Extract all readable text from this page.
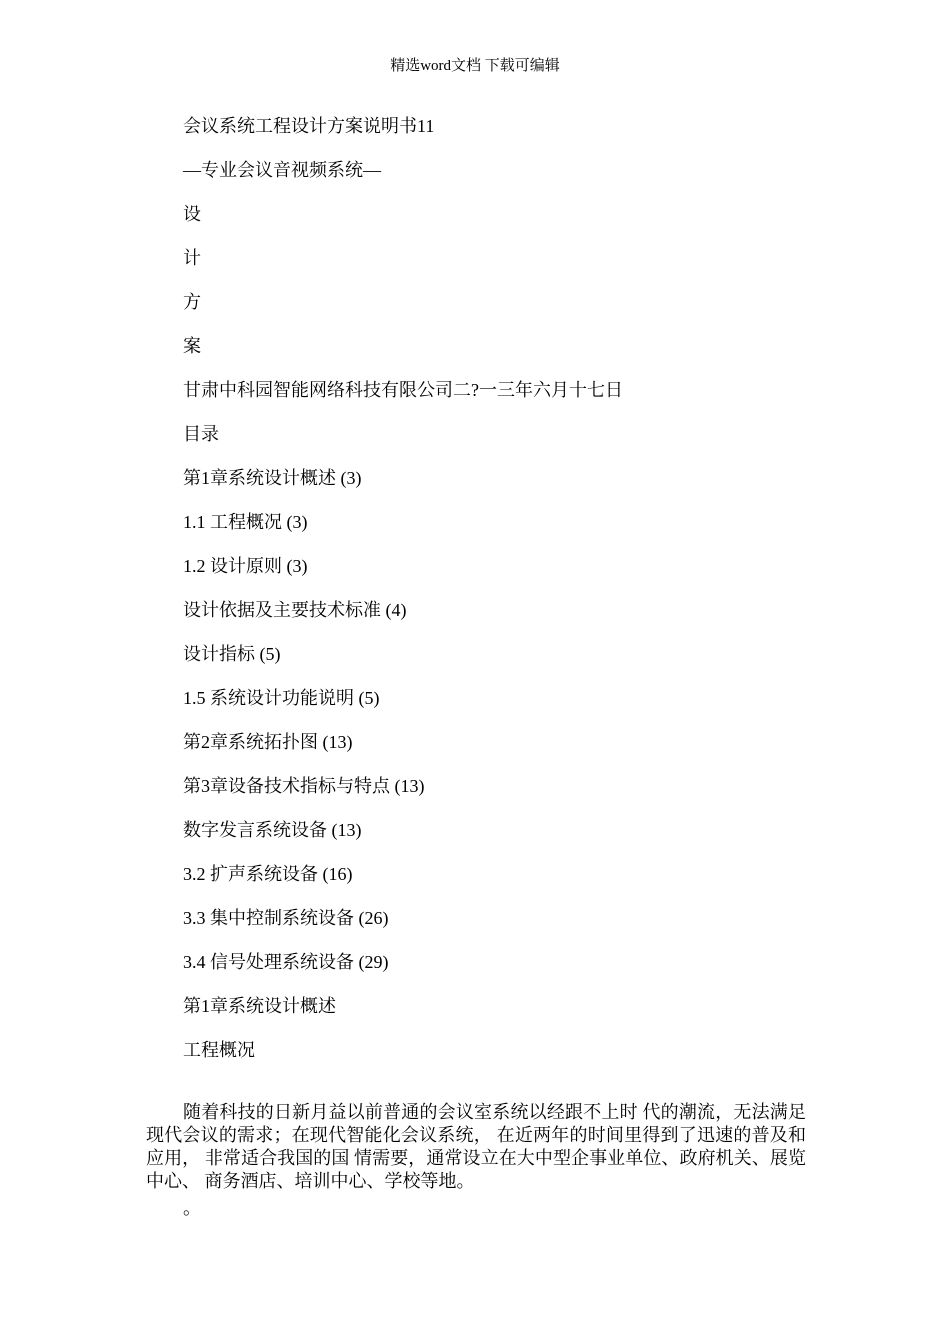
精选word文档 下载可编辑
会议系统工程设计方案说明书11
—专业会议音视频系统—
设
计
方
案
甘肃中科园智能网络科技有限公司二?一三年六月十七日
目录
第1章系统设计概述 (3)
1.1 工程概况 (3)
1.2 设计原则 (3)
设计依据及主要技术标准 (4)
设计指标 (5)
1.5 系统设计功能说明 (5)
第2章系统拓扑图 (13)
第3章设备技术指标与特点 (13)
数字发言系统设备 (13)
3.2 扩声系统设备 (16)
3.3 集中控制系统设备 (26)
3.4 信号处理系统设备 (29)
第1章系统设计概述
工程概况

随着科技的日新月益以前普通的会议室系统以经跟不上时 代的潮流，无法满足现代会议的需求；在现代智能化会议系统， 在近两年的时间里得到了迅速的普及和应用， 非常适合我国的国 情需要，通常设立在大中型企事业单位、政府机关、展览中心、 商务酒店、培训中心、学校等地。

。
